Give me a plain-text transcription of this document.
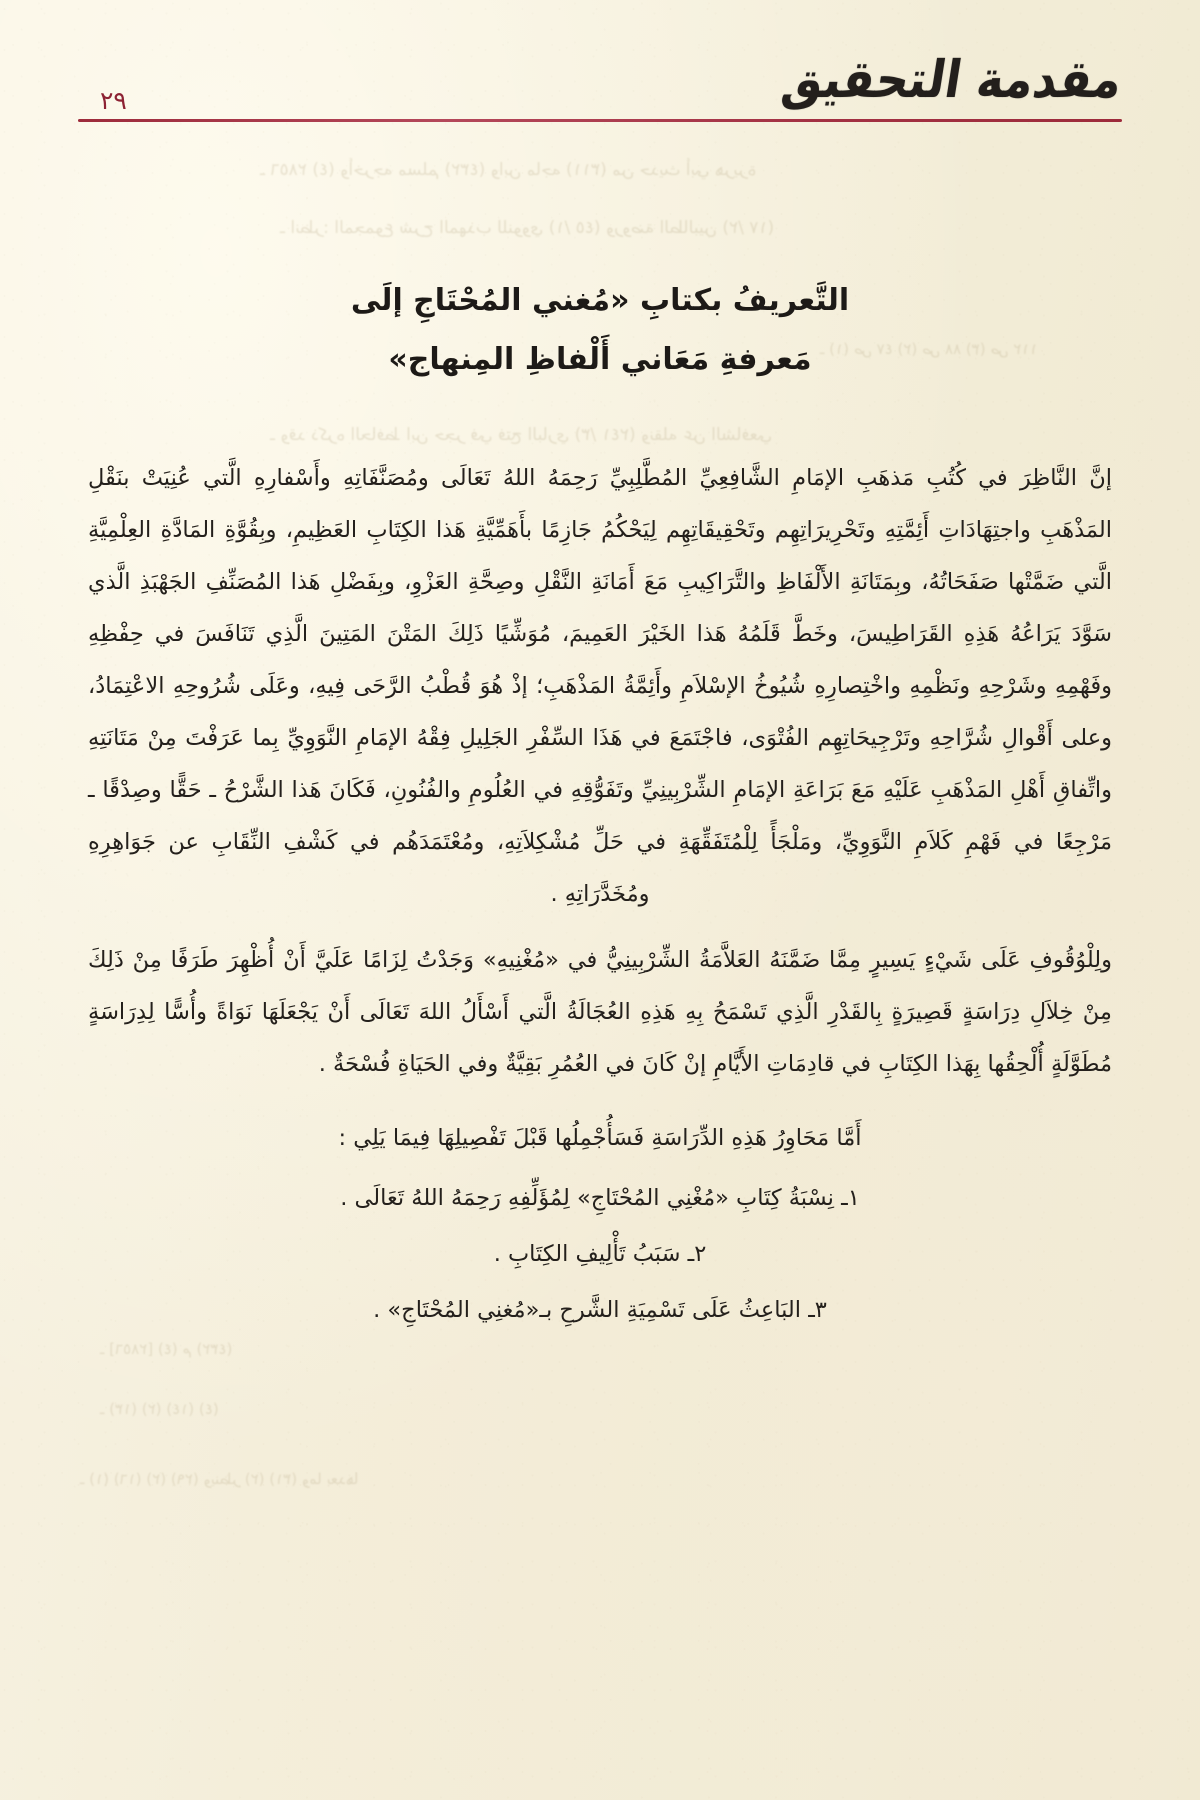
ـ ٢٨٥٦ (٤) وأخرجه مسلم (٤٣٢) وابن ماجه (٣١١) من حديث أبي هريرة
ـ انظر: المجموع شرح المهذب للنووي (١/ ٤٥) وروضة الطالبين (٢/ ١٧)
ـ (١) ص ٤٧ (٢) ص ٨٨ (٣) ص ١١٢
ـ وقد ذكره الحافظ ابن حجر في فتح الباري (٣/ ٢٤١) ونقله عن الشافعي
ـ [٢٨٥٦] (٤) م (٤٣٢)
ـ (١٣) (٢) (١٤) (٤)
ـ (١) (١٦) (٢) (٢٩) وينظر (٢) (٣١) وما بعدها
مقدمة التحقيق
٢٩
التَّعريفُ بكتابِ «مُغني المُحْتَاجِ إلَى
مَعرفةِ مَعَاني أَلْفاظِ المِنهاج»

إنَّ النَّاظِرَ في كُتُبِ مَذهَبِ الإمَامِ الشَّافِعِيِّ المُطَّلِبِيِّ رَحِمَهُ اللهُ تَعَالَى ومُصَنَّفَاتِهِ وأَسْفارِهِ الَّتي عُنِيَتْ بنَقْلِ المَذْهَبِ واجتِهَادَاتِ أَئِمَّتِهِ وتَحْرِيرَاتِهِم وتَحْقِيقَاتِهِم لِيَحْكُمُ جَازِمًا بأَهَمِّيَّةِ هَذا الكِتَابِ العَظِيمِ، وبِقُوَّةِ المَادَّةِ العِلْمِيَّةِ الَّتي ضَمَّتْها صَفَحَاتُهُ، وبِمَتَانَةِ الأَلْفَاظِ والتَّرَاكِيبِ مَعَ أَمَانَةِ النَّقْلِ وصِحَّةِ العَزْوِ، وبِفَضْلِ هَذا المُصَنِّفِ الجَهْبَذِ الَّذي سَوَّدَ يَرَاعُهُ هَذِهِ القَرَاطِيسَ، وخَطَّ قَلَمُهُ هَذا الخَيْرَ العَمِيمَ، مُوَشِّيًا ذَلِكَ المَتْنَ المَتِينَ الَّذِي تَنَافَسَ في حِفْظِهِ وفَهْمِهِ وشَرْحِهِ ونَظْمِهِ واخْتِصارِهِ شُيُوخُ الإسْلاَمِ وأَئِمَّةُ المَذْهَبِ؛ إذْ هُوَ قُطْبُ الرَّحَى فِيهِ، وعَلَى شُرُوحِهِ الاعْتِمَادُ، وعلى أَقْوالِ شُرَّاحِهِ وتَرْجِيحَاتِهِم الفُتْوَى، فاجْتَمَعَ في هَذَا السِّفْرِ الجَلِيلِ فِقْهُ الإمَامِ النَّوَوِيِّ بِما عَرَفْتَ مِنْ مَتَانَتِهِ واتِّفاقِ أَهْلِ المَذْهَبِ عَلَيْهِ مَعَ بَرَاعَةِ الإمَامِ الشِّرْبِينِيِّ وتَفَوُّقِهِ في العُلُومِ والفُنُونِ، فَكَانَ هَذا الشَّرْحُ ـ حَقًّا وصِدْقًا ـ مَرْجِعًا في فَهْمِ كَلاَمِ النَّوَوِيِّ، ومَلْجَأً لِلْمُتَفَقِّهَةِ في حَلِّ مُشْكِلاَتِهِ، ومُعْتَمَدَهُم في كَشْفِ النِّقَابِ عن جَوَاهِرِهِ ومُخَدَّرَاتِهِ .

ولِلْوُقُوفِ عَلَى شَيْءٍ يَسِيرٍ مِمَّا ضَمَّنَهُ العَلاَّمَةُ الشِّرْبِينِيُّ في «مُغْنِيهِ» وَجَدْتُ لِزَامًا عَلَيَّ أَنْ أُظْهِرَ طَرَفًا مِنْ ذَلِكَ مِنْ خِلاَلِ دِرَاسَةٍ قَصِيرَةٍ بِالقَدْرِ الَّذِي تَسْمَحُ بِهِ هَذِهِ العُجَالَةُ الَّتي أَسْأَلُ اللهَ تَعَالَى أَنْ يَجْعَلَهَا نَوَاةً وأُسًّا لِدِرَاسَةٍ مُطَوَّلَةٍ أُلْحِقُها بِهَذا الكِتَابِ في قادِمَاتِ الأَيَّامِ إنْ كَانَ في العُمُرِ بَقِيَّةٌ وفي الحَيَاةِ فُسْحَةٌ .

أَمَّا مَحَاوِرُ هَذِهِ الدِّرَاسَةِ فَسَأُجْمِلُها قَبْلَ تَفْصِيلِهَا فِيمَا يَلِي :

١ـ نِسْبَةُ كِتَابِ «مُغْنِي المُحْتَاجِ» لِمُؤَلِّفِهِ رَحِمَهُ اللهُ تَعَالَى .
٢ـ سَبَبُ تَأْلِيفِ الكِتَابِ .
٣ـ البَاعِثُ عَلَى تَسْمِيَةِ الشَّرحِ بـ«مُغنِي المُحْتَاجِ» .
